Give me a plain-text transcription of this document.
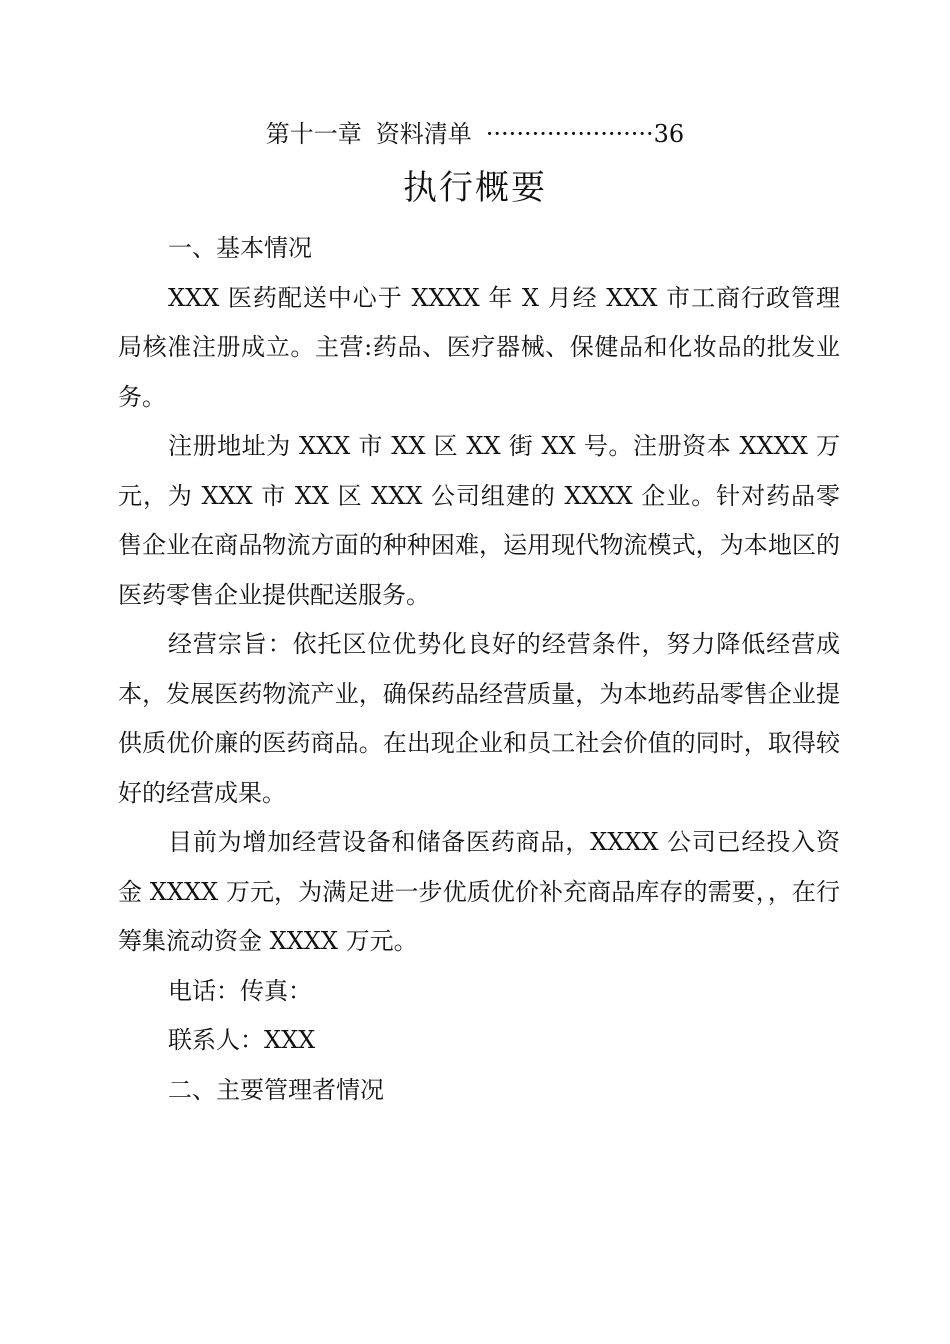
第十一章 资料清单 ······················36
执行概要

一、基本情况

XXX 医药配送中心于 XXXX 年 X 月经 XXX 市工商行政管理局核准注册成立。主营:药品、医疗器械、保健品和化妆品的批发业务。

注册地址为 XXX 市 XX 区 XX 街 XX 号。注册资本 XXXX 万元，为 XXX 市 XX 区 XXX 公司组建的 XXXX 企业。针对药品零售企业在商品物流方面的种种困难，运用现代物流模式，为本地区的医药零售企业提供配送服务。

经营宗旨：依托区位优势化良好的经营条件，努力降低经营成本，发展医药物流产业，确保药品经营质量，为本地药品零售企业提供质优价廉的医药商品。在出现企业和员工社会价值的同时，取得较好的经营成果。

目前为增加经营设备和储备医药商品，XXXX 公司已经投入资金 XXXX 万元，为满足进一步优质优价补充商品库存的需要，，在行筹集流动资金 XXXX 万元。

电话：传真：

联系人：XXX

二、主要管理者情况
